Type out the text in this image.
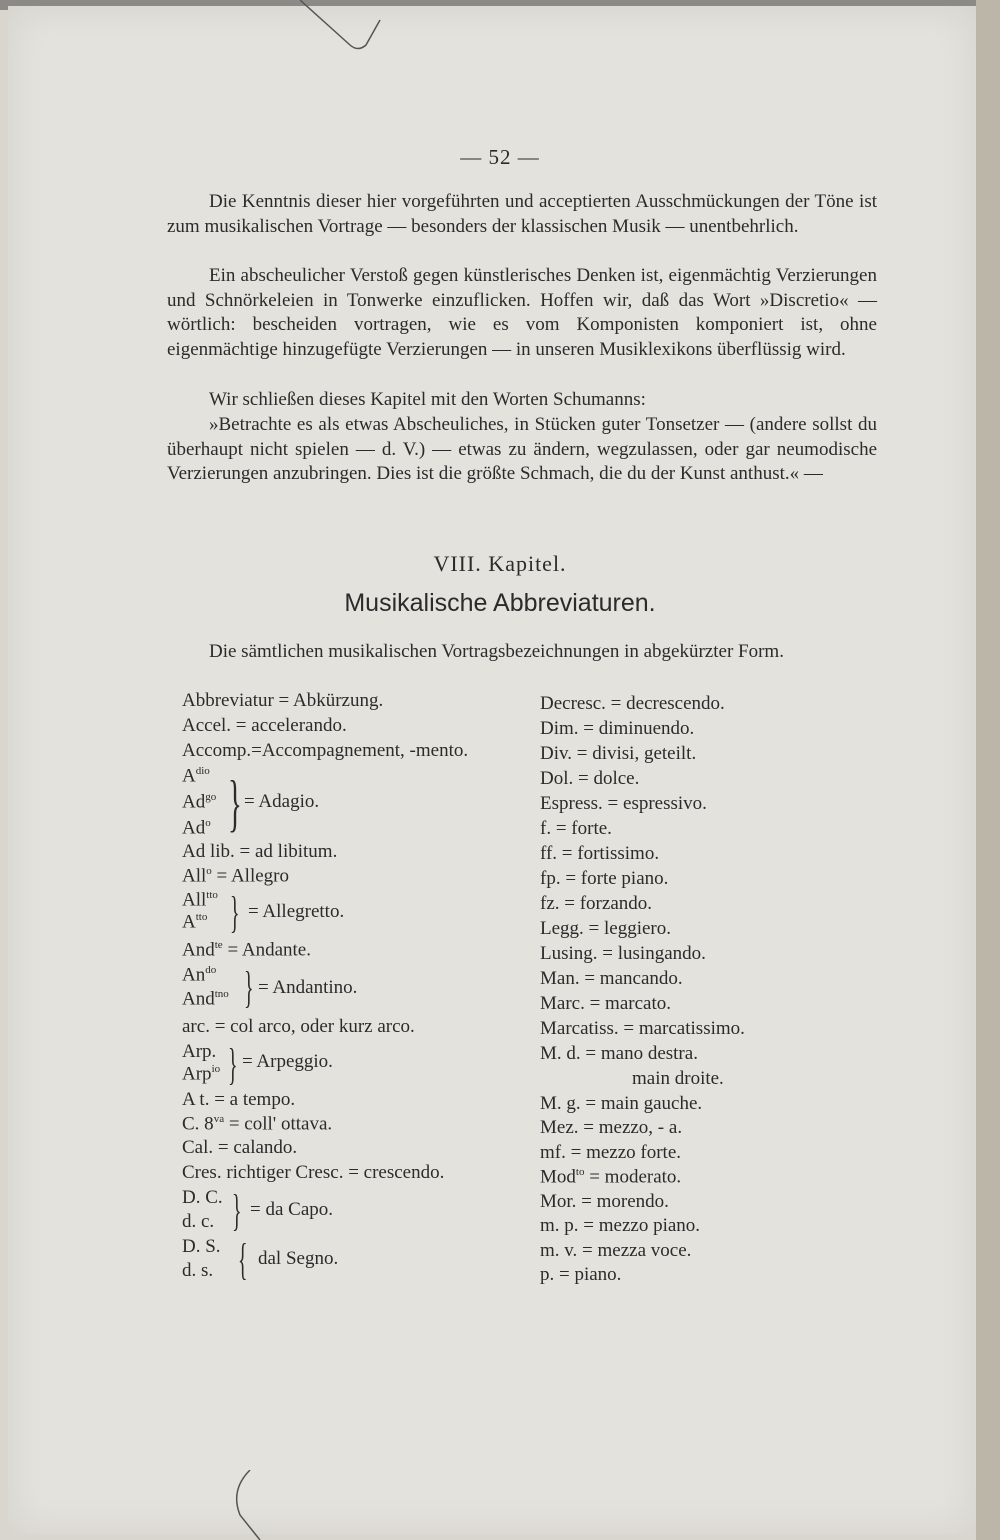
— 52 —
Die Kenntnis dieser hier vorgeführten und acceptierten Ausschmückungen der Töne ist zum musikalischen Vortrage — besonders der klassischen Musik — unentbehrlich.
Ein abscheulicher Verstoß gegen künstlerisches Denken ist, eigenmächtig Verzierungen und Schnörkeleien in Tonwerke einzuflicken. Hoffen wir, daß das Wort »Discretio« — wörtlich: bescheiden vortragen, wie es vom Komponisten komponiert ist, ohne eigenmächtige hinzugefügte Verzierungen — in unseren Musiklexikons überflüssig wird.
Wir schließen dieses Kapitel mit den Worten Schumanns:
»Betrachte es als etwas Abscheuliches, in Stücken guter Tonsetzer — (andere sollst du überhaupt nicht spielen — d. V.) — etwas zu ändern, wegzulassen, oder gar neumodische Verzierungen anzubringen. Dies ist die größte Schmach, die du der Kunst anthust.« —
VIII. Kapitel.
Musikalische Abbreviaturen.
Die sämtlichen musikalischen Vortragsbezeichnungen in abgekürzter Form.
Abbreviatur = Abkürzung.
Accel. = accelerando.
Accomp.=Accompagnement, -mento.
$A^{dio}$
$Ad^{go}$
Ad$^o$ } = Adagio.
Ad lib. = ad libitum.
All$^o$ = Allegro
All$^{tto}$
$A^{tto}$ } = Allegretto.
And$^{te}$ = Andante.
$An^{do}$
And$^{tno}$ } = Andantino.
arc. = col arco, oder kurz arco.
Arp.
Arp$^{io}$ } = Arpeggio.
A t. = a tempo.
C. $8^{va}$ = coll' ottava.
Cal. = calando.
Cres. richtiger Cresc. = crescendo.
D. C.
d. c. } = da Capo.
D. S.
d. s. { dal Segno.
Decresc. = decrescendo.
Dim. = diminuendo.
Div. = divisi, geteilt.
Dol. = dolce.
Espress. = espressivo.
f. = forte.
ff. = fortissimo.
fp. = forte piano.
fz. = forzando.
Legg. = leggiero.
Lusing. = lusingando.
Man. = mancando.
Marc. = marcato.
Marcatiss. = marcatissimo.
M. d. = mano destra.
main droite.
M. g. = main gauche.
Mez. = mezzo, - a.
mf. = mezzo forte.
Mod$^{to}$ = moderato.
Mor. = morendo.
m. p. = mezzo piano.
m. v. = mezza voce.
p. = piano.
